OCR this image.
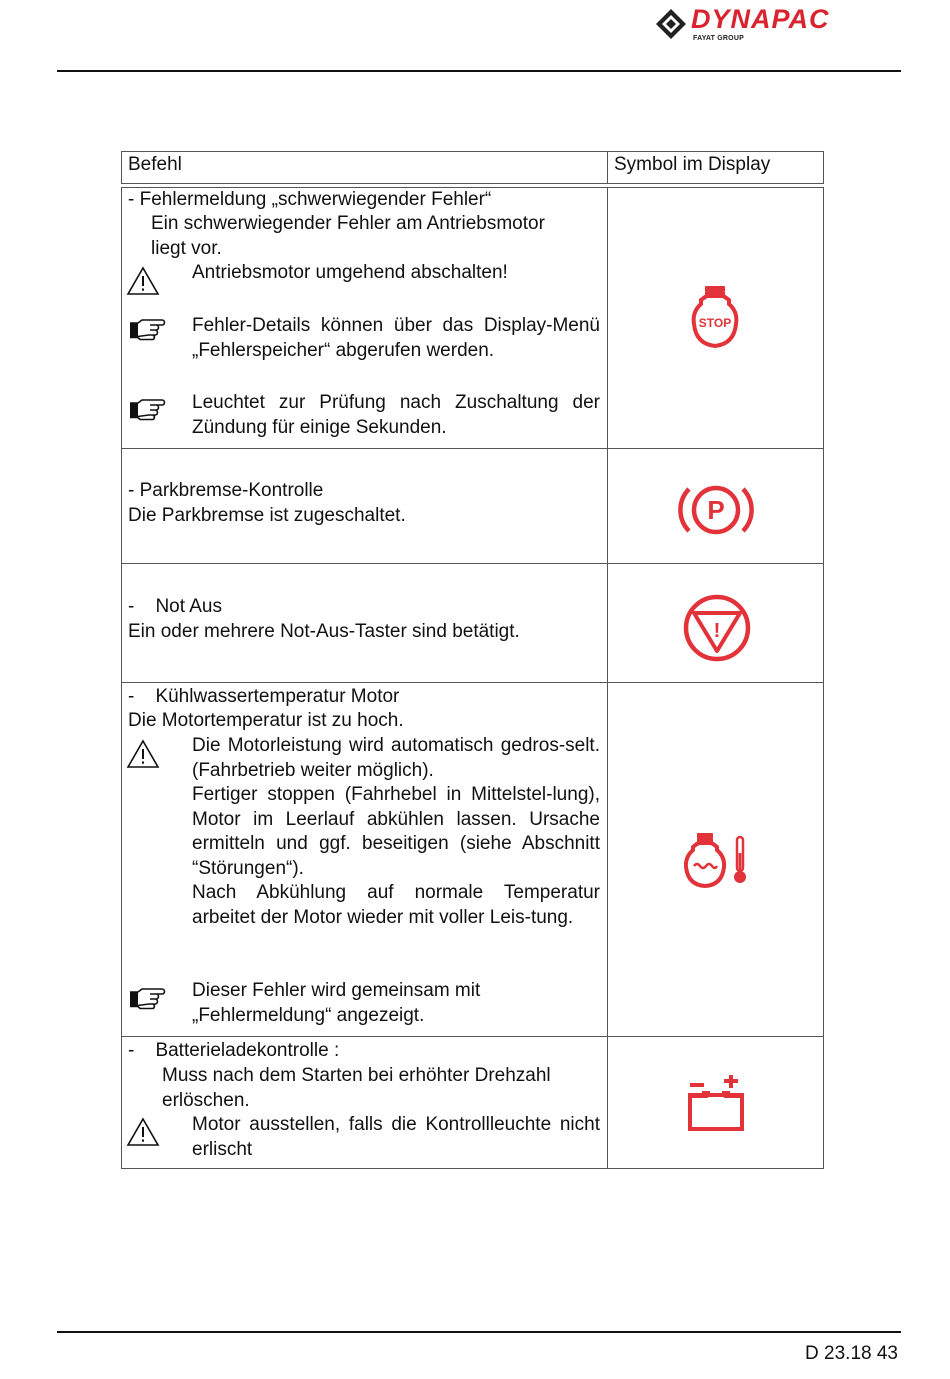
DYNAPAC
FAYAT GROUP
Befehl	Symbol im Display
- Fehlermeldung „schwerwiegender Fehler“
Ein schwerwiegender Fehler am Antriebsmotor
liegt vor.
Antriebsmotor umgehend abschalten!
Fehler-Details können über das Display-Menü „Fehlerspeicher“ abgerufen werden.
Leuchtet zur Prüfung nach Zuschaltung der Zündung für einige Sekunden.
STOP
- Parkbremse-Kontrolle
Die Parkbremse ist zugeschaltet.	P
-    Not Aus
Ein oder mehrere Not-Aus-Taster sind betätigt.	!
-    Kühlwassertemperatur Motor
Die Motortemperatur ist zu hoch.
Die Motorleistung wird automatisch gedros-selt. (Fahrbetrieb weiter möglich).
Fertiger stoppen (Fahrhebel in Mittelstel-lung), Motor im Leerlauf abkühlen lassen. Ursache ermitteln und ggf. beseitigen (siehe Abschnitt “Störungen“).
Nach Abkühlung auf normale Temperatur arbeitet der Motor wieder mit voller Leis-tung.
Dieser Fehler wird gemeinsam mit „Fehlermeldung“ angezeigt.
-    Batterieladekontrolle :
Muss nach dem Starten bei erhöhter Drehzahl erlöschen.
Motor ausstellen, falls die Kontrollleuchte nicht erlischt
D 23.18 43
